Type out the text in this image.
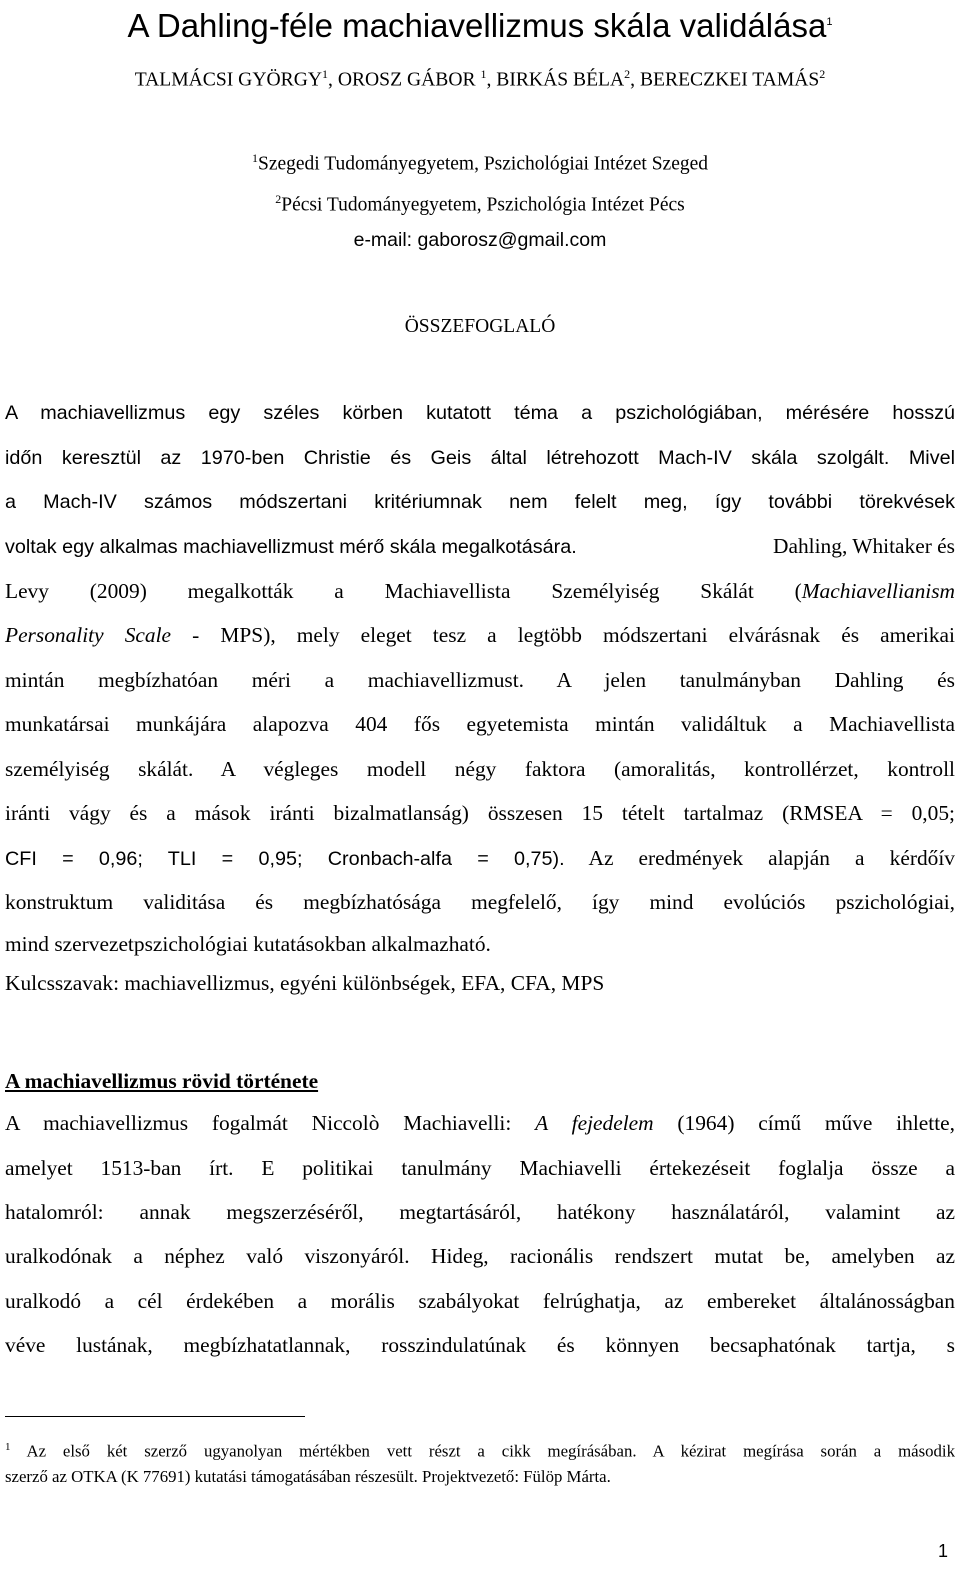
A Dahling-féle machiavellizmus skála validálása$^1$
TALMÁCSI GYÖRGY$^1$, OROSZ GÁBOR $^1$, BIRKÁS BÉLA$^2$, BERECZKEI TAMÁS$^2$
$^1$Szegedi Tudományegyetem, Pszichológiai Intézet Szeged
$^2$Pécsi Tudományegyetem, Pszichológia Intézet Pécs
e-mail: gaborosz@gmail.com
ÖSSZEFOGLALÓ
A machiavellizmus egy széles körben kutatott téma a pszichológiában, mérésére hosszú
időn keresztül az 1970-ben Christie és Geis által létrehozott Mach-IV skála szolgált. Mivel
a Mach-IV számos módszertani kritériumnak nem felelt meg, így további törekvések
voltak egy alkalmas machiavellizmust mérő skála megalkotására.	Dahling, Whitaker és
Levy (2009) megalkották a Machiavellista Személyiség Skálát (Machiavellianism
Personality Scale - MPS), mely eleget tesz a legtöbb módszertani elvárásnak és amerikai
mintán megbízhatóan méri a machiavellizmust. A jelen tanulmányban Dahling és
munkatársai munkájára alapozva 404 fős egyetemista mintán validáltuk a Machiavellista
személyiség skálát. A végleges modell négy faktora (amoralitás, kontrollérzet, kontroll
iránti vágy és a mások iránti bizalmatlanság) összesen 15 tételt tartalmaz (RMSEA = 0,05;
CFI = 0,96; TLI = 0,95; Cronbach-alfa = 0,75). Az eredmények alapján a kérdőív
konstruktum validitása és megbízhatósága megfelelő, így mind evolúciós pszichológiai,
mind szervezetpszichológiai kutatásokban alkalmazható.
Kulcsszavak: machiavellizmus, egyéni különbségek, EFA, CFA, MPS
A machiavellizmus rövid története
A machiavellizmus fogalmát Niccolò Machiavelli: A fejedelem (1964) című műve ihlette,
amelyet 1513-ban írt. E politikai tanulmány Machiavelli értekezéseit foglalja össze a
hatalomról: annak megszerzéséről, megtartásáról, hatékony használatáról, valamint az
uralkodónak a néphez való viszonyáról. Hideg, racionális rendszert mutat be, amelyben az
uralkodó a cél érdekében a morális szabályokat felrúghatja, az embereket általánosságban
véve lustának, megbízhatatlannak, rosszindulatúnak és könnyen becsaphatónak tartja, s
$^1$ Az első két szerző ugyanolyan mértékben vett részt a cikk megírásában. A kézirat megírása során a második
szerző az OTKA (K 77691) kutatási támogatásában részesült. Projektvezető: Fülöp Márta.
1
